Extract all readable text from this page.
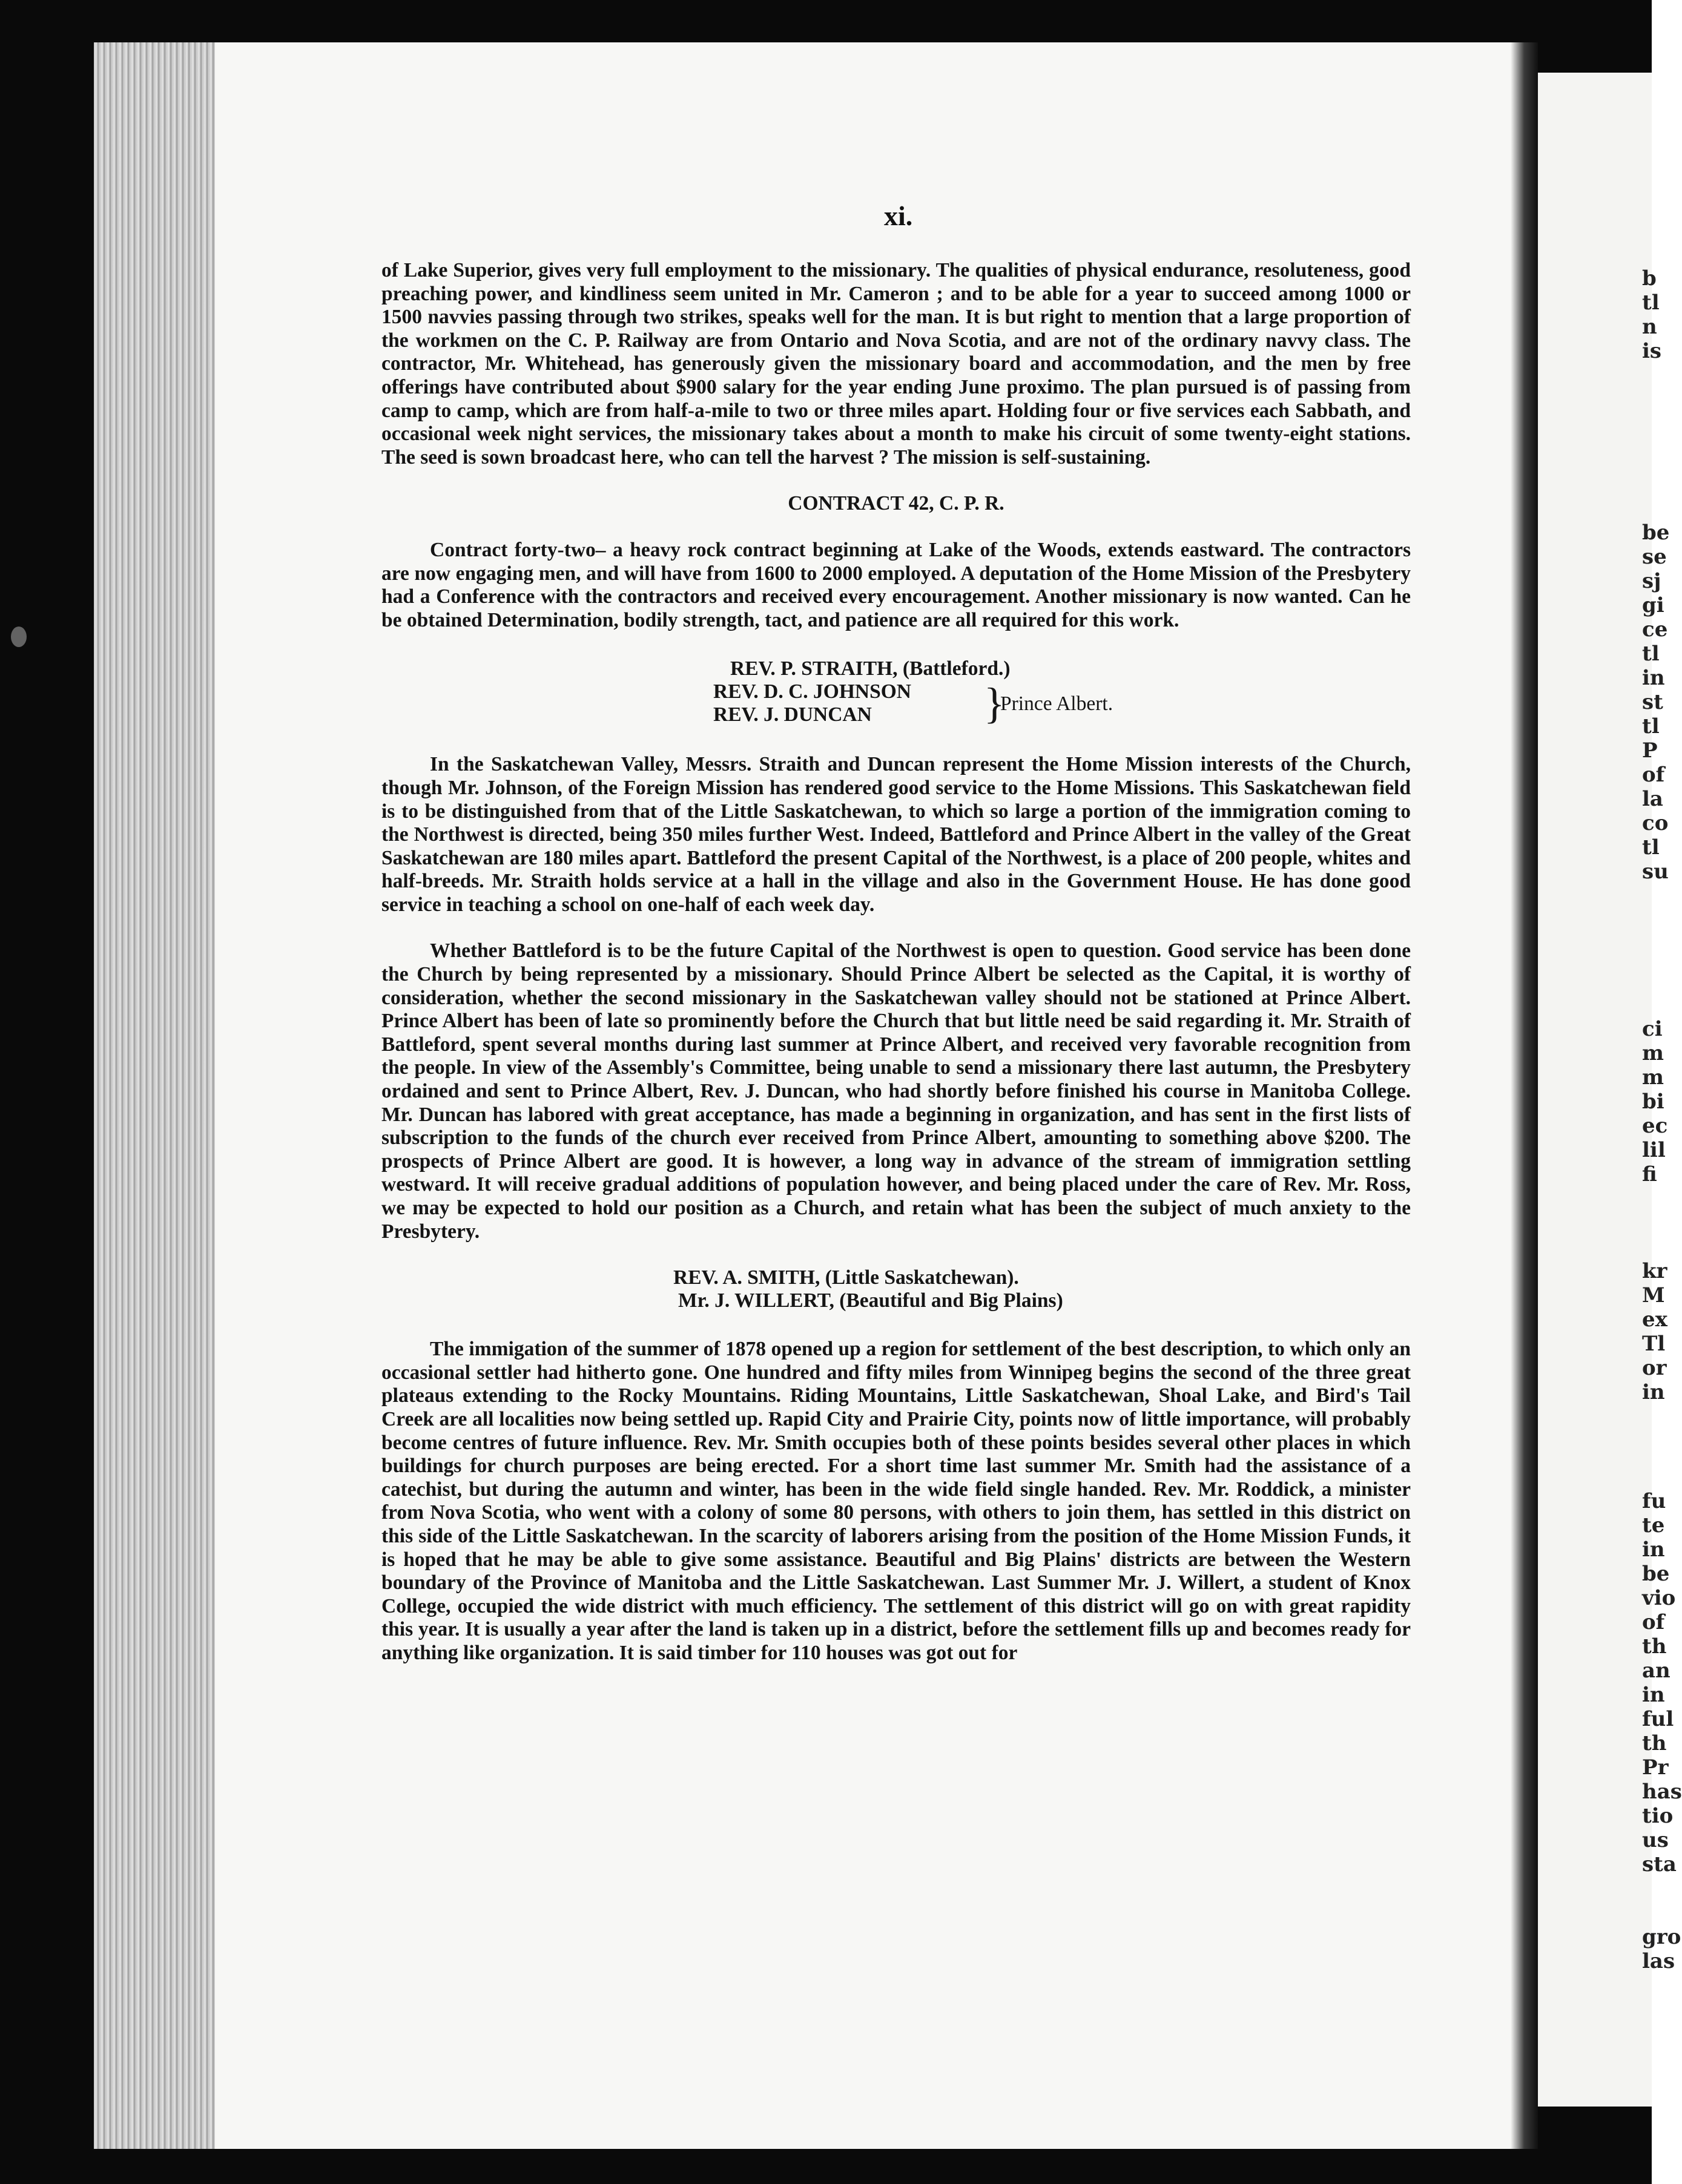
b
tl
n
is
be
se
sj
gi
ce
tl
in
st
tl
P
of
la
co
tl
su
ci
m
m
bi
ec
lil
fi
kr
M
ex
Tl
or
in
fu
te
in
be
vio
of
th
an
in
ful
th
Pr
has
tio
us
sta
gro
las
xi.

of Lake Superior, gives very full employment to the missionary. The qualities of physical endurance, resoluteness, good preaching power, and kindliness seem united in Mr. Cameron ; and to be able for a year to succeed among 1000 or 1500 navvies passing through two strikes, speaks well for the man. It is but right to mention that a large proportion of the workmen on the C. P. Railway are from Ontario and Nova Scotia, and are not of the ordinary navvy class. The contractor, Mr. Whitehead, has generously given the missionary board and accommodation, and the men by free offerings have contributed about $900 salary for the year ending June proximo. The plan pursued is of passing from camp to camp, which are from half-a-mile to two or three miles apart. Holding four or five services each Sabbath, and occasional week night services, the missionary takes about a month to make his circuit of some twenty-eight stations. The seed is sown broadcast here, who can tell the harvest ? The mission is self-sustaining.

CONTRACT 42, C. P. R.

Contract forty-two– a heavy rock contract beginning at Lake of the Woods, extends eastward. The contractors are now engaging men, and will have from 1600 to 2000 employed. A deputation of the Home Mission of the Presbytery had a Conference with the contractors and received every encouragement. Another missionary is now wanted. Can he be obtained Determination, bodily strength, tact, and patience are all required for this work.

REV. P. STRAITH, (Battleford.)
REV. D. C. JOHNSON
REV. J. DUNCAN	}
Prince Albert.

In the Saskatchewan Valley, Messrs. Straith and Duncan represent the Home Mission interests of the Church, though Mr. Johnson, of the Foreign Mission has rendered good service to the Home Missions. This Saskatchewan field is to be distinguished from that of the Little Saskatchewan, to which so large a portion of the immigration coming to the Northwest is directed, being 350 miles further West. Indeed, Battleford and Prince Albert in the valley of the Great Saskatchewan are 180 miles apart. Battleford the present Capital of the Northwest, is a place of 200 people, whites and half-breeds. Mr. Straith holds service at a hall in the village and also in the Government House. He has done good service in teaching a school on one-half of each week day.

Whether Battleford is to be the future Capital of the Northwest is open to question. Good service has been done the Church by being represented by a missionary. Should Prince Albert be selected as the Capital, it is worthy of consideration, whether the second missionary in the Saskatchewan valley should not be stationed at Prince Albert. Prince Albert has been of late so prominently before the Church that but little need be said regarding it. Mr. Straith of Battleford, spent several months during last summer at Prince Albert, and received very favorable recognition from the people. In view of the Assembly's Committee, being unable to send a missionary there last autumn, the Presbytery ordained and sent to Prince Albert, Rev. J. Duncan, who had shortly before finished his course in Manitoba College. Mr. Duncan has labored with great acceptance, has made a beginning in organization, and has sent in the first lists of subscription to the funds of the church ever received from Prince Albert, amounting to something above $200. The prospects of Prince Albert are good. It is however, a long way in advance of the stream of immigration settling westward. It will receive gradual additions of population however, and being placed under the care of Rev. Mr. Ross, we may be expected to hold our position as a Church, and retain what has been the subject of much anxiety to the Presbytery.

REV. A. SMITH, (Little Saskatchewan).
Mr. J. WILLERT, (Beautiful and Big Plains)

The immigation of the summer of 1878 opened up a region for settlement of the best description, to which only an occasional settler had hitherto gone. One hundred and fifty miles from Winnipeg begins the second of the three great plateaus extending to the Rocky Mountains. Riding Mountains, Little Saskatchewan, Shoal Lake, and Bird's Tail Creek are all localities now being settled up. Rapid City and Prairie City, points now of little importance, will probably become centres of future influence. Rev. Mr. Smith occupies both of these points besides several other places in which buildings for church purposes are being erected. For a short time last summer Mr. Smith had the assistance of a catechist, but during the autumn and winter, has been in the wide field single handed. Rev. Mr. Roddick, a minister from Nova Scotia, who went with a colony of some 80 persons, with others to join them, has settled in this district on this side of the Little Saskatchewan. In the scarcity of laborers arising from the position of the Home Mission Funds, it is hoped that he may be able to give some assistance. Beautiful and Big Plains' districts are between the Western boundary of the Province of Manitoba and the Little Saskatchewan. Last Summer Mr. J. Willert, a student of Knox College, occupied the wide district with much efficiency. The settlement of this district will go on with great rapidity this year. It is usually a year after the land is taken up in a district, before the settlement fills up and becomes ready for anything like organization. It is said timber for 110 houses was got out for
